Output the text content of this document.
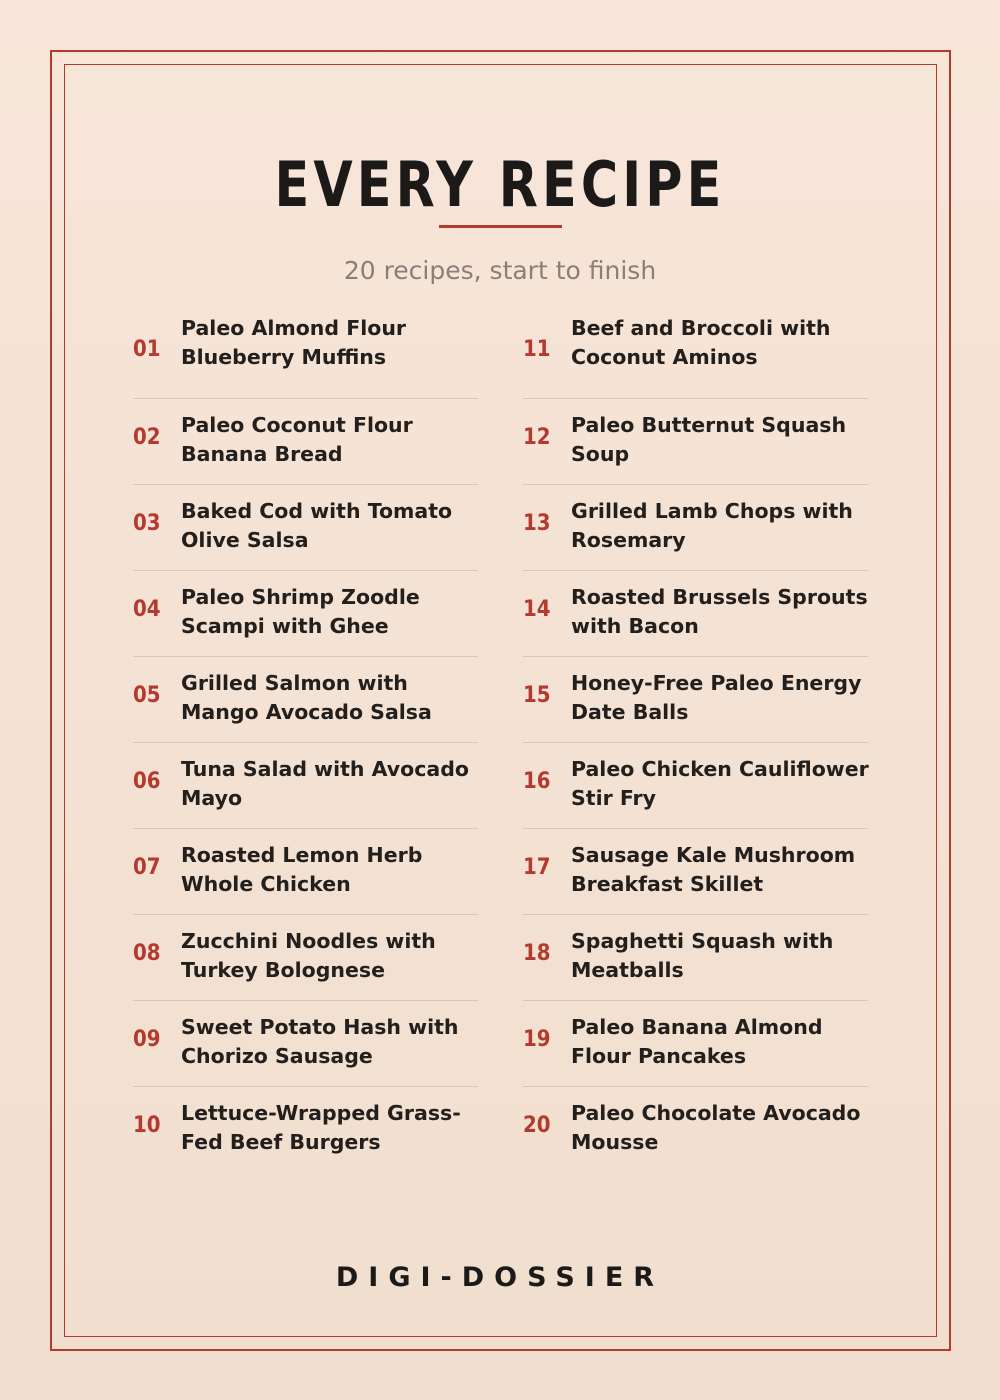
EVERY RECIPE
20 recipes, start to finish
01
Paleo Almond Flour Blueberry Muffins
02 Paleo Coconut Flour Banana Bread
03 Baked Cod with Tomato Olive Salsa
04 Paleo Shrimp Zoodle Scampi with Ghee
05 Grilled Salmon with Mango Avocado Salsa
06 Tuna Salad with Avocado Mayo
07 Roasted Lemon Herb Whole Chicken
08 Zucchini Noodles with Turkey Bolognese
09 Sweet Potato Hash with Chorizo Sausage
10 Lettuce-Wrapped Grass-Fed Beef Burgers
11
Beef and Broccoli with Coconut Aminos
12 Paleo Butternut Squash Soup
13 Grilled Lamb Chops with Rosemary
14 Roasted Brussels Sprouts with Bacon
15 Honey-Free Paleo Energy Date Balls
16 Paleo Chicken Cauliflower Stir Fry
17 Sausage Kale Mushroom Breakfast Skillet
18 Spaghetti Squash with Meatballs
19 Paleo Banana Almond Flour Pancakes
20 Paleo Chocolate Avocado Mousse
DIGI-DOSSIER
